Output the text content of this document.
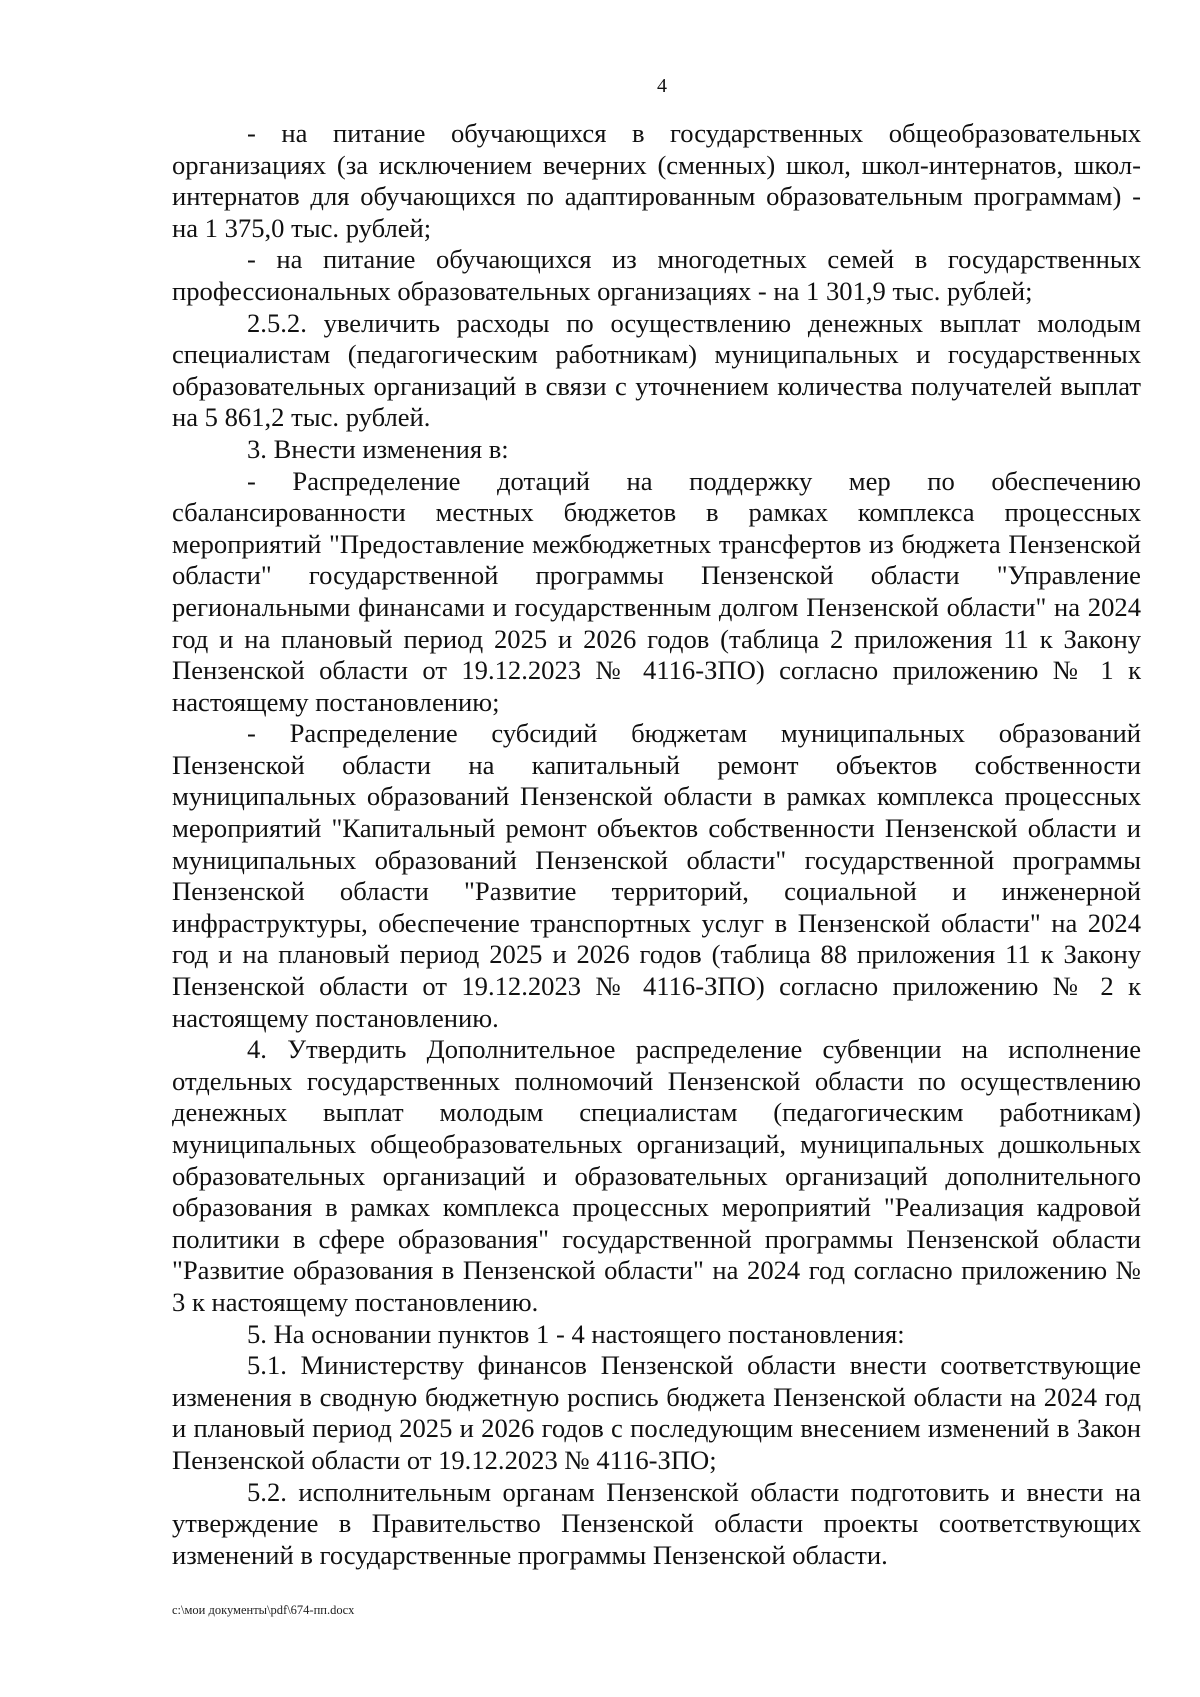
4

- на питание обучающихся в государственных общеобразовательных организациях (за исключением вечерних (сменных) школ, школ-интернатов, школ-интернатов для обучающихся по адаптированным образовательным программам) - на 1 375,0 тыс. рублей;

- на питание обучающихся из многодетных семей в государственных профессиональных образовательных организациях - на 1 301,9 тыс. рублей;

2.5.2. увеличить расходы по осуществлению денежных выплат молодым специалистам (педагогическим работникам) муниципальных и государственных образовательных организаций в связи с уточнением количества получателей выплат на 5 861,2 тыс. рублей.

3. Внести изменения в:

- Распределение дотаций на поддержку мер по обеспечению сбалансированности местных бюджетов в рамках комплекса процессных мероприятий "Предоставление межбюджетных трансфертов из бюджета Пензенской области" государственной программы Пензенской области "Управление региональными финансами и государственным долгом Пензенской области" на 2024 год и на плановый период 2025 и 2026 годов (таблица 2 приложения 11 к Закону Пензенской области от 19.12.2023 № 4116-ЗПО) согласно приложению № 1 к настоящему постановлению;

- Распределение субсидий бюджетам муниципальных образований Пензенской области на капитальный ремонт объектов собственности муниципальных образований Пензенской области в рамках комплекса процессных мероприятий "Капитальный ремонт объектов собственности Пензенской области и муниципальных образований Пензенской области" государственной программы Пензенской области "Развитие территорий, социальной и инженерной инфраструктуры, обеспечение транспортных услуг в Пензенской области" на 2024 год и на плановый период 2025 и 2026 годов (таблица 88 приложения 11 к Закону Пензенской области от 19.12.2023 № 4116-ЗПО) согласно приложению № 2 к настоящему постановлению.

4. Утвердить Дополнительное распределение субвенции на исполнение отдельных государственных полномочий Пензенской области по осуществлению денежных выплат молодым специалистам (педагогическим работникам) муниципальных общеобразовательных организаций, муниципальных дошкольных образовательных организаций и образовательных организаций дополнительного образования в рамках комплекса процессных мероприятий "Реализация кадровой политики в сфере образования" государственной программы Пензенской области "Развитие образования в Пензенской области" на 2024 год согласно приложению № 3 к настоящему постановлению.

5. На основании пунктов 1 - 4 настоящего постановления:

5.1. Министерству финансов Пензенской области внести соответствующие изменения в сводную бюджетную роспись бюджета Пензенской области на 2024 год и плановый период 2025 и 2026 годов с последующим внесением изменений в Закон Пензенской области от 19.12.2023 № 4116-ЗПО;

5.2. исполнительным органам Пензенской области подготовить и внести на утверждение в Правительство Пензенской области проекты соответствующих изменений в государственные программы Пензенской области.

c:\мои документы\pdf\674-пп.docx
